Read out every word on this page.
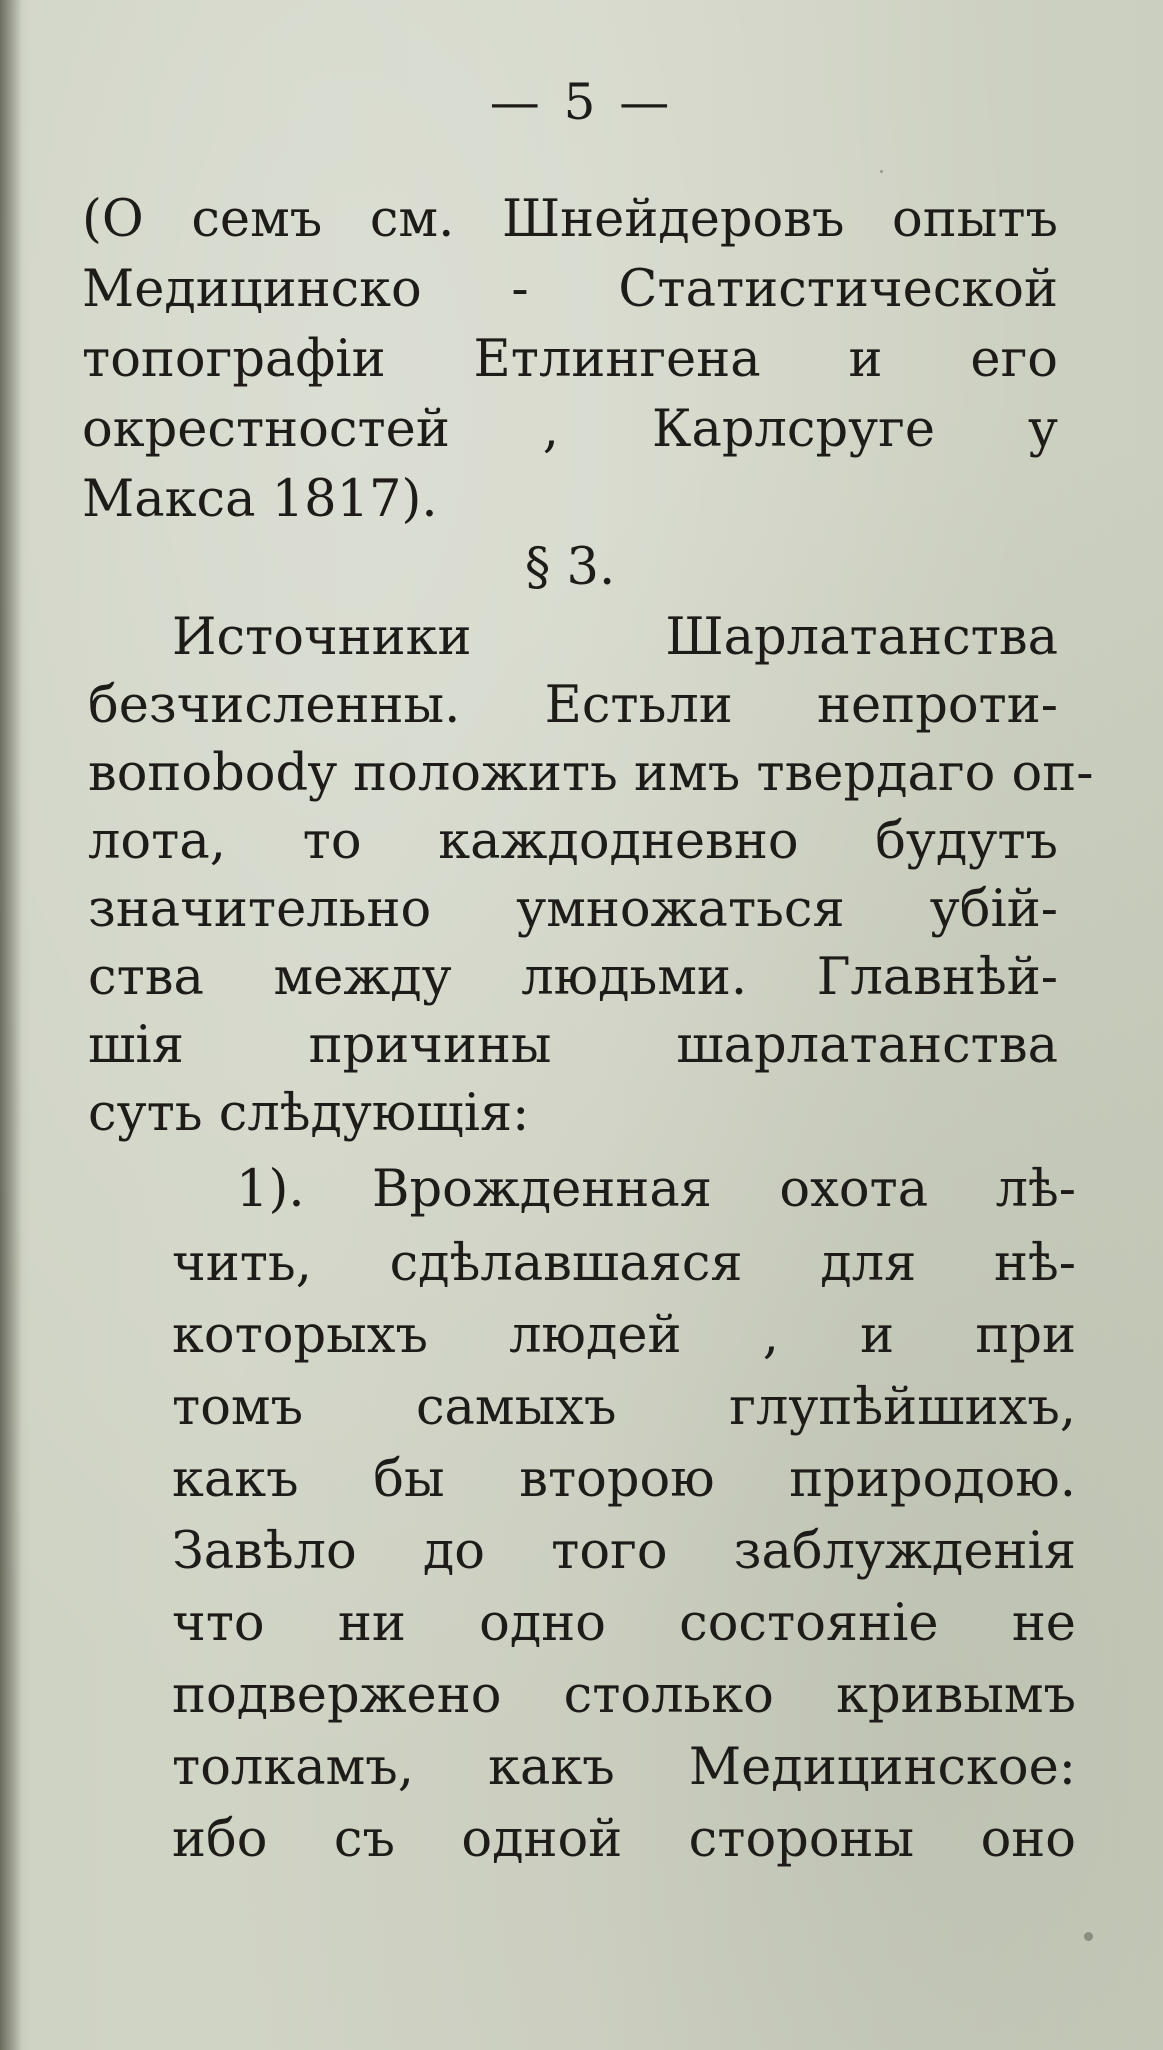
— 5 —
(О семъ см. Шнейдеровъ опытъ
Медицинско - Статистической
топографіи Етлингена и его
окрестностей , Карлсруге у
Макса 1817).
§ 3.
Источники Шарлатанства
безчисленны. Естьли непроти-
вопоbody положить имъ твердаго оп-
лота, то каждодневно будутъ
значительно умножаться убій-
ства между людьми. Главнѣй-
шія причины шарлатанства
суть слѣдующія:
1). Врожденная охота лѣ-
чить, сдѣлавшаяся для нѣ-
которыхъ людей , и при
томъ самыхъ глупѣйшихъ,
какъ бы второю природою.
Завѣло до того заблужденія
что ни одно состояніе не
подвержено столько кривымъ
толкамъ, какъ Медицинское:
ибо съ одной стороны оно
